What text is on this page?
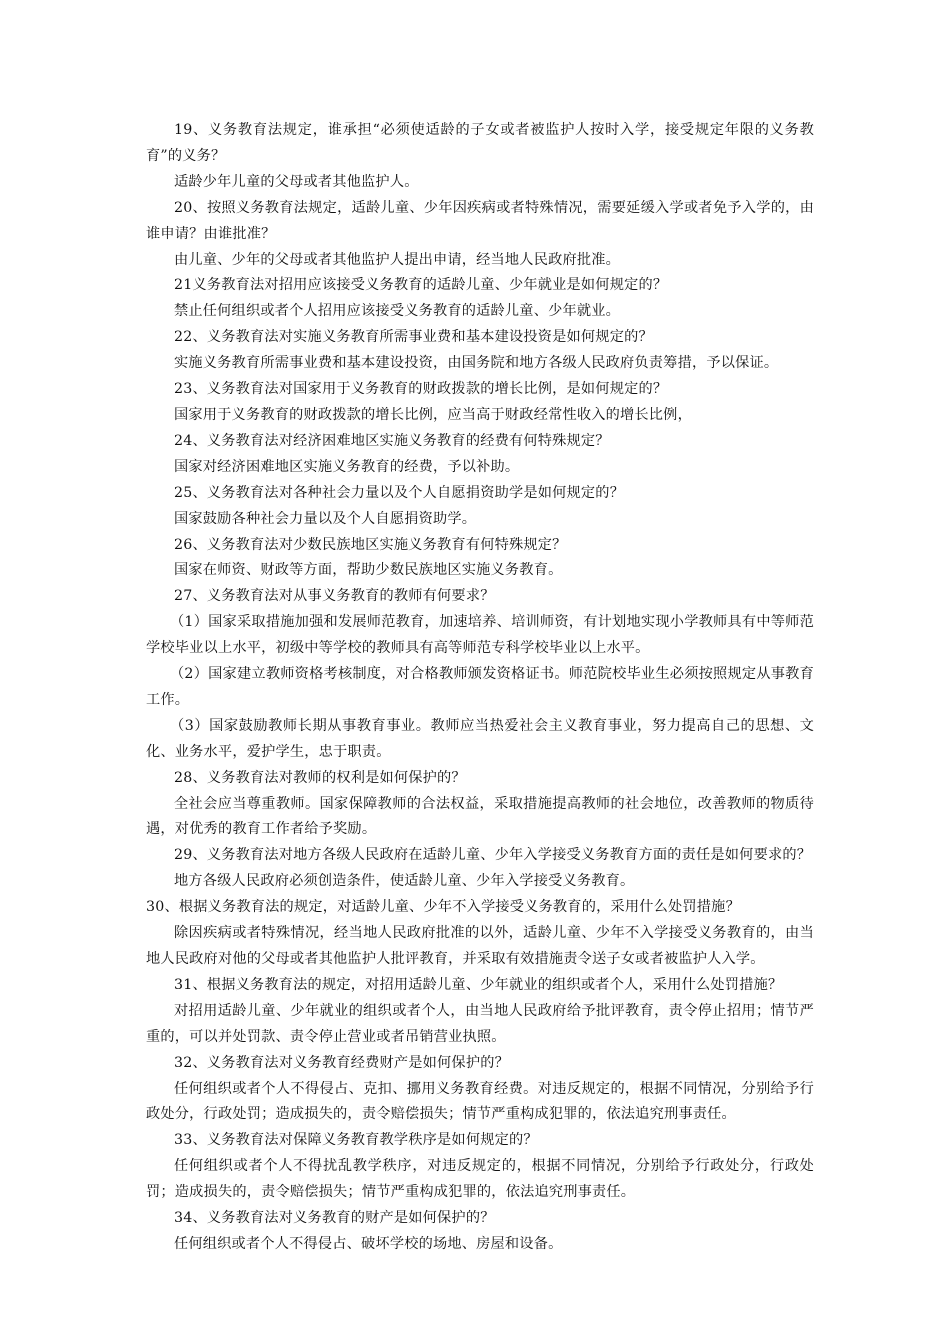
19、义务教育法规定，谁承担“必须使适龄的子女或者被监护人按时入学，接受规定年限的义务教育”的义务？

适龄少年儿童的父母或者其他监护人。

20、按照义务教育法规定，适龄儿童、少年因疾病或者特殊情况，需要延缓入学或者免予入学的，由谁申请？由谁批准？

由儿童、少年的父母或者其他监护人提出申请，经当地人民政府批准。

21义务教育法对招用应该接受义务教育的适龄儿童、少年就业是如何规定的？

禁止任何组织或者个人招用应该接受义务教育的适龄儿童、少年就业。

22、义务教育法对实施义务教育所需事业费和基本建设投资是如何规定的？

实施义务教育所需事业费和基本建设投资，由国务院和地方各级人民政府负责筹措，予以保证。

23、义务教育法对国家用于义务教育的财政拨款的增长比例，是如何规定的？

国家用于义务教育的财政拨款的增长比例，应当高于财政经常性收入的增长比例，

24、义务教育法对经济困难地区实施义务教育的经费有何特殊规定？

国家对经济困难地区实施义务教育的经费，予以补助。

25、义务教育法对各种社会力量以及个人自愿捐资助学是如何规定的？

国家鼓励各种社会力量以及个人自愿捐资助学。

26、义务教育法对少数民族地区实施义务教育有何特殊规定？

国家在师资、财政等方面，帮助少数民族地区实施义务教育。

27、义务教育法对从事义务教育的教师有何要求？

（1）国家采取措施加强和发展师范教育，加速培养、培训师资，有计划地实现小学教师具有中等师范学校毕业以上水平，初级中等学校的教师具有高等师范专科学校毕业以上水平。

（2）国家建立教师资格考核制度，对合格教师颁发资格证书。师范院校毕业生必须按照规定从事教育工作。

（3）国家鼓励教师长期从事教育事业。教师应当热爱社会主义教育事业，努力提高自己的思想、文化、业务水平，爱护学生，忠于职责。

28、义务教育法对教师的权利是如何保护的？

全社会应当尊重教师。国家保障教师的合法权益，采取措施提高教师的社会地位，改善教师的物质待遇，对优秀的教育工作者给予奖励。

29、义务教育法对地方各级人民政府在适龄儿童、少年入学接受义务教育方面的责任是如何要求的？

地方各级人民政府必须创造条件，使适龄儿童、少年入学接受义务教育。

30、根据义务教育法的规定，对适龄儿童、少年不入学接受义务教育的，采用什么处罚措施？

除因疾病或者特殊情况，经当地人民政府批准的以外，适龄儿童、少年不入学接受义务教育的，由当地人民政府对他的父母或者其他监护人批评教育，并采取有效措施责令送子女或者被监护人入学。

31、根据义务教育法的规定，对招用适龄儿童、少年就业的组织或者个人，采用什么处罚措施？

对招用适龄儿童、少年就业的组织或者个人，由当地人民政府给予批评教育，责令停止招用；情节严重的，可以并处罚款、责令停止营业或者吊销营业执照。

32、义务教育法对义务教育经费财产是如何保护的？

任何组织或者个人不得侵占、克扣、挪用义务教育经费。对违反规定的，根据不同情况，分别给予行政处分，行政处罚；造成损失的，责令赔偿损失；情节严重构成犯罪的，依法追究刑事责任。

33、义务教育法对保障义务教育教学秩序是如何规定的？

任何组织或者个人不得扰乱教学秩序，对违反规定的，根据不同情况，分别给予行政处分，行政处罚；造成损失的，责令赔偿损失；情节严重构成犯罪的，依法追究刑事责任。

34、义务教育法对义务教育的财产是如何保护的？

任何组织或者个人不得侵占、破坏学校的场地、房屋和设备。
